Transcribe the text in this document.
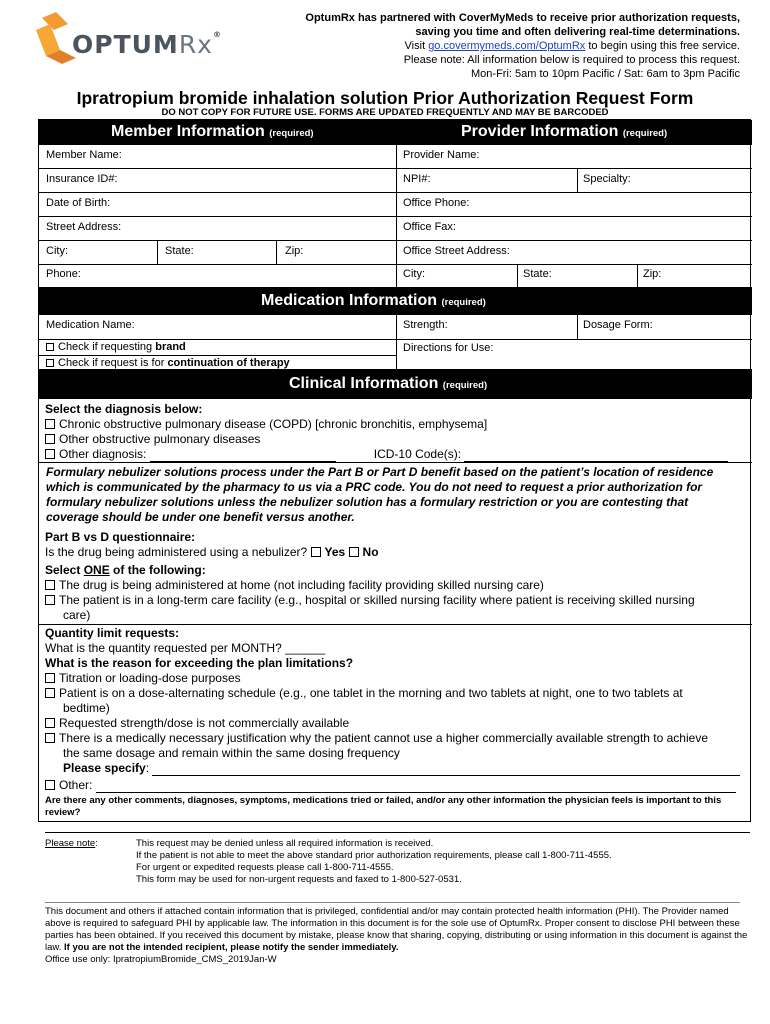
OPTUMRx®
OptumRx has partnered with CoverMyMeds to receive prior authorization requests,
saving you time and often delivering real-time determinations.
Visit go.covermymeds.com/OptumRx to begin using this free service.
Please note: All information below is required to process this request.
Mon-Fri: 5am to 10pm Pacific / Sat: 6am to 3pm Pacific
Ipratropium bromide inhalation solution Prior Authorization Request Form
DO NOT COPY FOR FUTURE USE. FORMS ARE UPDATED FREQUENTLY AND MAY BE BARCODED
Member Information (required)	Provider Information (required)
Member Name:
Insurance ID#:
Date of Birth:
Street Address:
City:	State:	Zip:
Phone:
Provider Name:
NPI#:	Specialty:
Office Phone:
Office Fax:
Office Street Address:
City:	State:	Zip:
Medication Information (required)
Medication Name:	Strength:	Dosage Form:
Check if requesting brand
Check if request is for continuation of therapy
Directions for Use:
Clinical Information (required)
Select the diagnosis below:
Chronic obstructive pulmonary disease (COPD) [chronic bronchitis, emphysema]
Other obstructive pulmonary diseases
Other diagnosis:	ICD-10 Code(s):
Formulary nebulizer solutions process under the Part B or Part D benefit based on the patient’s location of residence
which is communicated by the pharmacy to us via a PRC code. You do not need to request a prior authorization for
formulary nebulizer solutions unless the nebulizer solution has a formulary restriction or you are contesting that
coverage should be under one benefit versus another.
Part B vs D questionnaire:
Is the drug being administered using a nebulizer? Yes No
Select ONE of the following:
The drug is being administered at home (not including facility providing skilled nursing care)
The patient is in a long-term care facility (e.g., hospital or skilled nursing facility where patient is receiving skilled nursing
care)
Quantity limit requests:
What is the quantity requested per MONTH? ______
What is the reason for exceeding the plan limitations?
Titration or loading-dose purposes
Patient is on a dose-alternating schedule (e.g., one tablet in the morning and two tablets at night, one to two tablets at
bedtime)
Requested strength/dose is not commercially available
There is a medically necessary justification why the patient cannot use a higher commercially available strength to achieve
the same dosage and remain within the same dosing frequency
Please specify:
Other:
Are there any other comments, diagnoses, symptoms, medications tried or failed, and/or any other information the physician feels is important to this review?
Please note:	This request may be denied unless all required information is received.
If the patient is not able to meet the above standard prior authorization requirements, please call 1-800-711-4555.
For urgent or expedited requests please call 1-800-711-4555.
This form may be used for non-urgent requests and faxed to 1-800-527-0531.
This document and others if attached contain information that is privileged, confidential and/or may contain protected health information (PHI). The Provider named above is required to safeguard PHI by applicable law. The information in this document is for the sole use of OptumRx. Proper consent to disclose PHI between these parties has been obtained. If you received this document by mistake, please know that sharing, copying, distributing or using information in this document is against the law. If you are not the intended recipient, please notify the sender immediately.
Office use only: IpratropiumBromide_CMS_2019Jan-W
